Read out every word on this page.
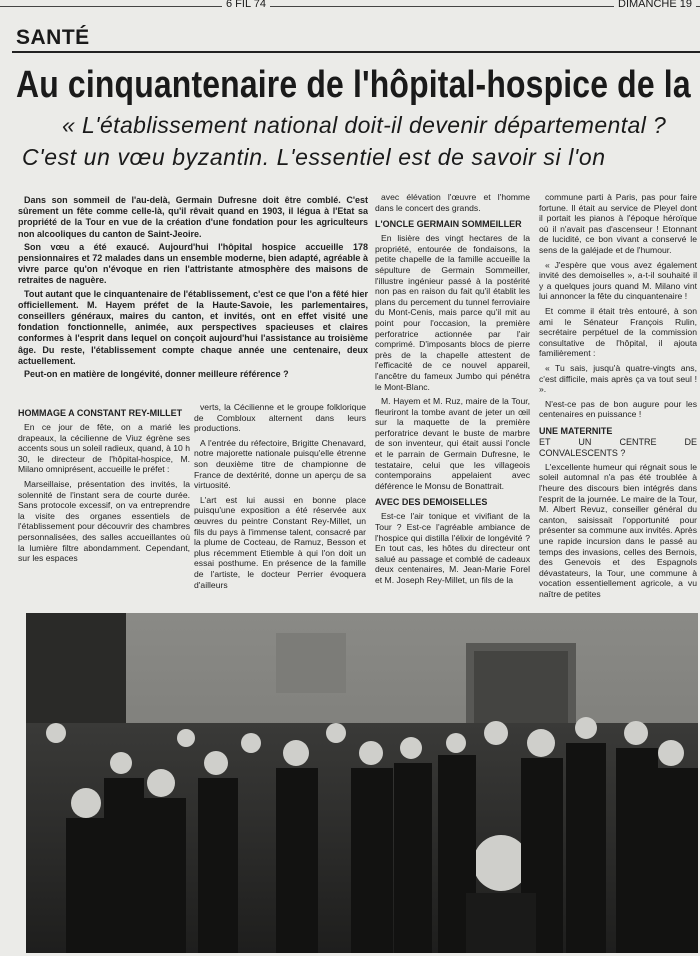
6 FIL 74	DIMANCHE 19
SANTÉ
Au cinquantenaire de l'hôpital-hospice de la
« L'établissement national doit-il devenir départemental ?
C'est un vœu byzantin. L'essentiel est de savoir si l'on

Dans son sommeil de l'au-delà, Germain Dufresne doit être comblé. C'est sûrement un fête comme celle-là, qu'il rêvait quand en 1903, il légua à l'Etat sa propriété de la Tour en vue de la création d'une fondation pour les agriculteurs non alcooliques du canton de Saint-Jeoire.

Son vœu a été exaucé. Aujourd'hui l'hôpital hospice accueille 178 pensionnaires et 72 malades dans un ensemble moderne, bien adapté, agréable à vivre parce qu'on n'évoque en rien l'attristante atmosphère des maisons de retraites de naguère.

Tout autant que le cinquantenaire de l'établissement, c'est ce que l'on a fêté hier officiellement. M. Hayem préfet de la Haute-Savoie, les parlementaires, conseillers généraux, maires du canton, et invités, ont en effet visité une fondation fonctionnelle, animée, aux perspectives spacieuses et claires conformes à l'esprit dans lequel on conçoit aujourd'hui l'assistance au troisième âge. Du reste, l'établissement compte chaque année une centenaire, deux actuellement.

Peut-on en matière de longévité, donner meilleure référence ?

HOMMAGE A CONSTANT REY-MILLET

En ce jour de fête, on a marié les drapeaux, la cécilienne de Viuz égrène ses accents sous un soleil radieux, quand, à 10 h 30, le directeur de l'hôpital-hospice, M. Milano omniprésent, accueille le préfet :

Marseillaise, présentation des invités, la solennité de l'instant sera de courte durée. Sans protocole excessif, on va entreprendre la visite des organes essentiels de l'établissement pour découvrir des chambres personnalisées, des salles accueillantes où la lumière filtre abondamment. Cependant, sur les espaces

verts, la Cécilienne et le groupe folklorique de Combloux alternent dans leurs productions.

A l'entrée du réfectoire, Brigitte Chenavard, notre majorette nationale puisqu'elle étrenne son deuxième titre de championne de France de dextérité, donne un aperçu de sa virtuosité.

L'art est lui aussi en bonne place puisqu'une exposition a été réservée aux œuvres du peintre Constant Rey-Millet, un fils du pays à l'immense talent, consacré par la plume de Cocteau, de Ramuz, Besson et plus récemment Etiemble à qui l'on doit un essai posthume. En présence de la famille de l'artiste, le docteur Perrier évoquera d'ailleurs

avec élévation l'œuvre et l'homme dans le concert des grands.

L'ONCLE GERMAIN SOMMEILLER

En lisière des vingt hectares de la propriété, entourée de fondaisons, la petite chapelle de la famille accueille la sépulture de Germain Sommeiller, l'illustre ingénieur passé à la postérité non pas en raison du fait qu'il établit les plans du percement du tunnel ferroviaire du Mont-Cenis, mais parce qu'il mit au point pour l'occasion, la première perforatrice actionnée par l'air comprimé. D'imposants blocs de pierre près de la chapelle attestent de l'efficacité de ce nouvel appareil, l'ancêtre du fameux Jumbo qui pénétra le Mont-Blanc.

M. Hayem et M. Ruz, maire de la Tour, fleuriront la tombe avant de jeter un œil sur la maquette de la première perforatrice devant le buste de marbre de son inventeur, qui était aussi l'oncle et le parrain de Germain Dufresne, le testataire, celui que les villageois contemporains appelaient avec déférence le Monsu de Bonattrait.

AVEC DES DEMOISELLES

Est-ce l'air tonique et vivifiant de la Tour ? Est-ce l'agréable ambiance de l'hospice qui distilla l'élixir de longévité ? En tout cas, les hôtes du directeur ont salué au passage et comblé de cadeaux deux centenaires, M. Jean-Marie Forel et M. Joseph Rey-Millet, un fils de la

commune parti à Paris, pas pour faire fortune. Il était au service de Pleyel dont il portait les pianos à l'époque héroïque où il n'avait pas d'ascenseur ! Etonnant de lucidité, ce bon vivant a conservé le sens de la galéjade et de l'humour.

« J'espère que vous avez également invité des demoiselles », a-t-il souhaité il y a quelques jours quand M. Milano vint lui annoncer la fête du cinquantenaire !

Et comme il était très entouré, à son ami le Sénateur François Rulin, secrétaire perpétuel de la commission consultative de l'hôpital, il ajouta familièrement :

« Tu sais, jusqu'à quatre-vingts ans, c'est difficile, mais après ça va tout seul ! ».

N'est-ce pas de bon augure pour les centenaires en puissance !

UNE MATERNITE
ET UN CENTRE DE CONVALESCENTS ?

L'excellente humeur qui régnait sous le soleil automnal n'a pas été troublée à l'heure des discours bien intégrés dans l'esprit de la journée. Le maire de la Tour, M. Albert Revuz, conseiller général du canton, saisissait l'opportunité pour présenter sa commune aux invités. Après une rapide incursion dans le passé au temps des invasions, celles des Bernois, des Genevois et des Espagnols dévastateurs, la Tour, une commune à vocation essentiellement agricole, a vu naître de petites
